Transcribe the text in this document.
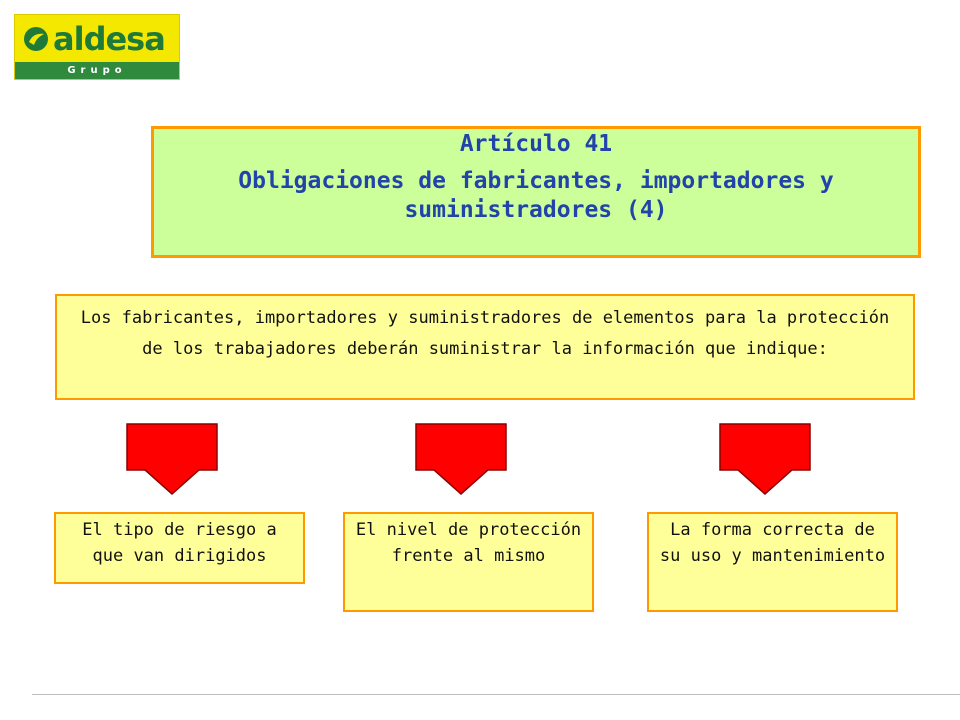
aldesa
Grupo
Artículo 41
Obligaciones de fabricantes, importadores y suministradores (4)
Los fabricantes, importadores y suministradores de elementos para la protección de los trabajadores deberán suministrar la información que indique:
El tipo de riesgo a que van dirigidos
El nivel de protección frente al mismo
La forma correcta de su uso y mantenimiento
